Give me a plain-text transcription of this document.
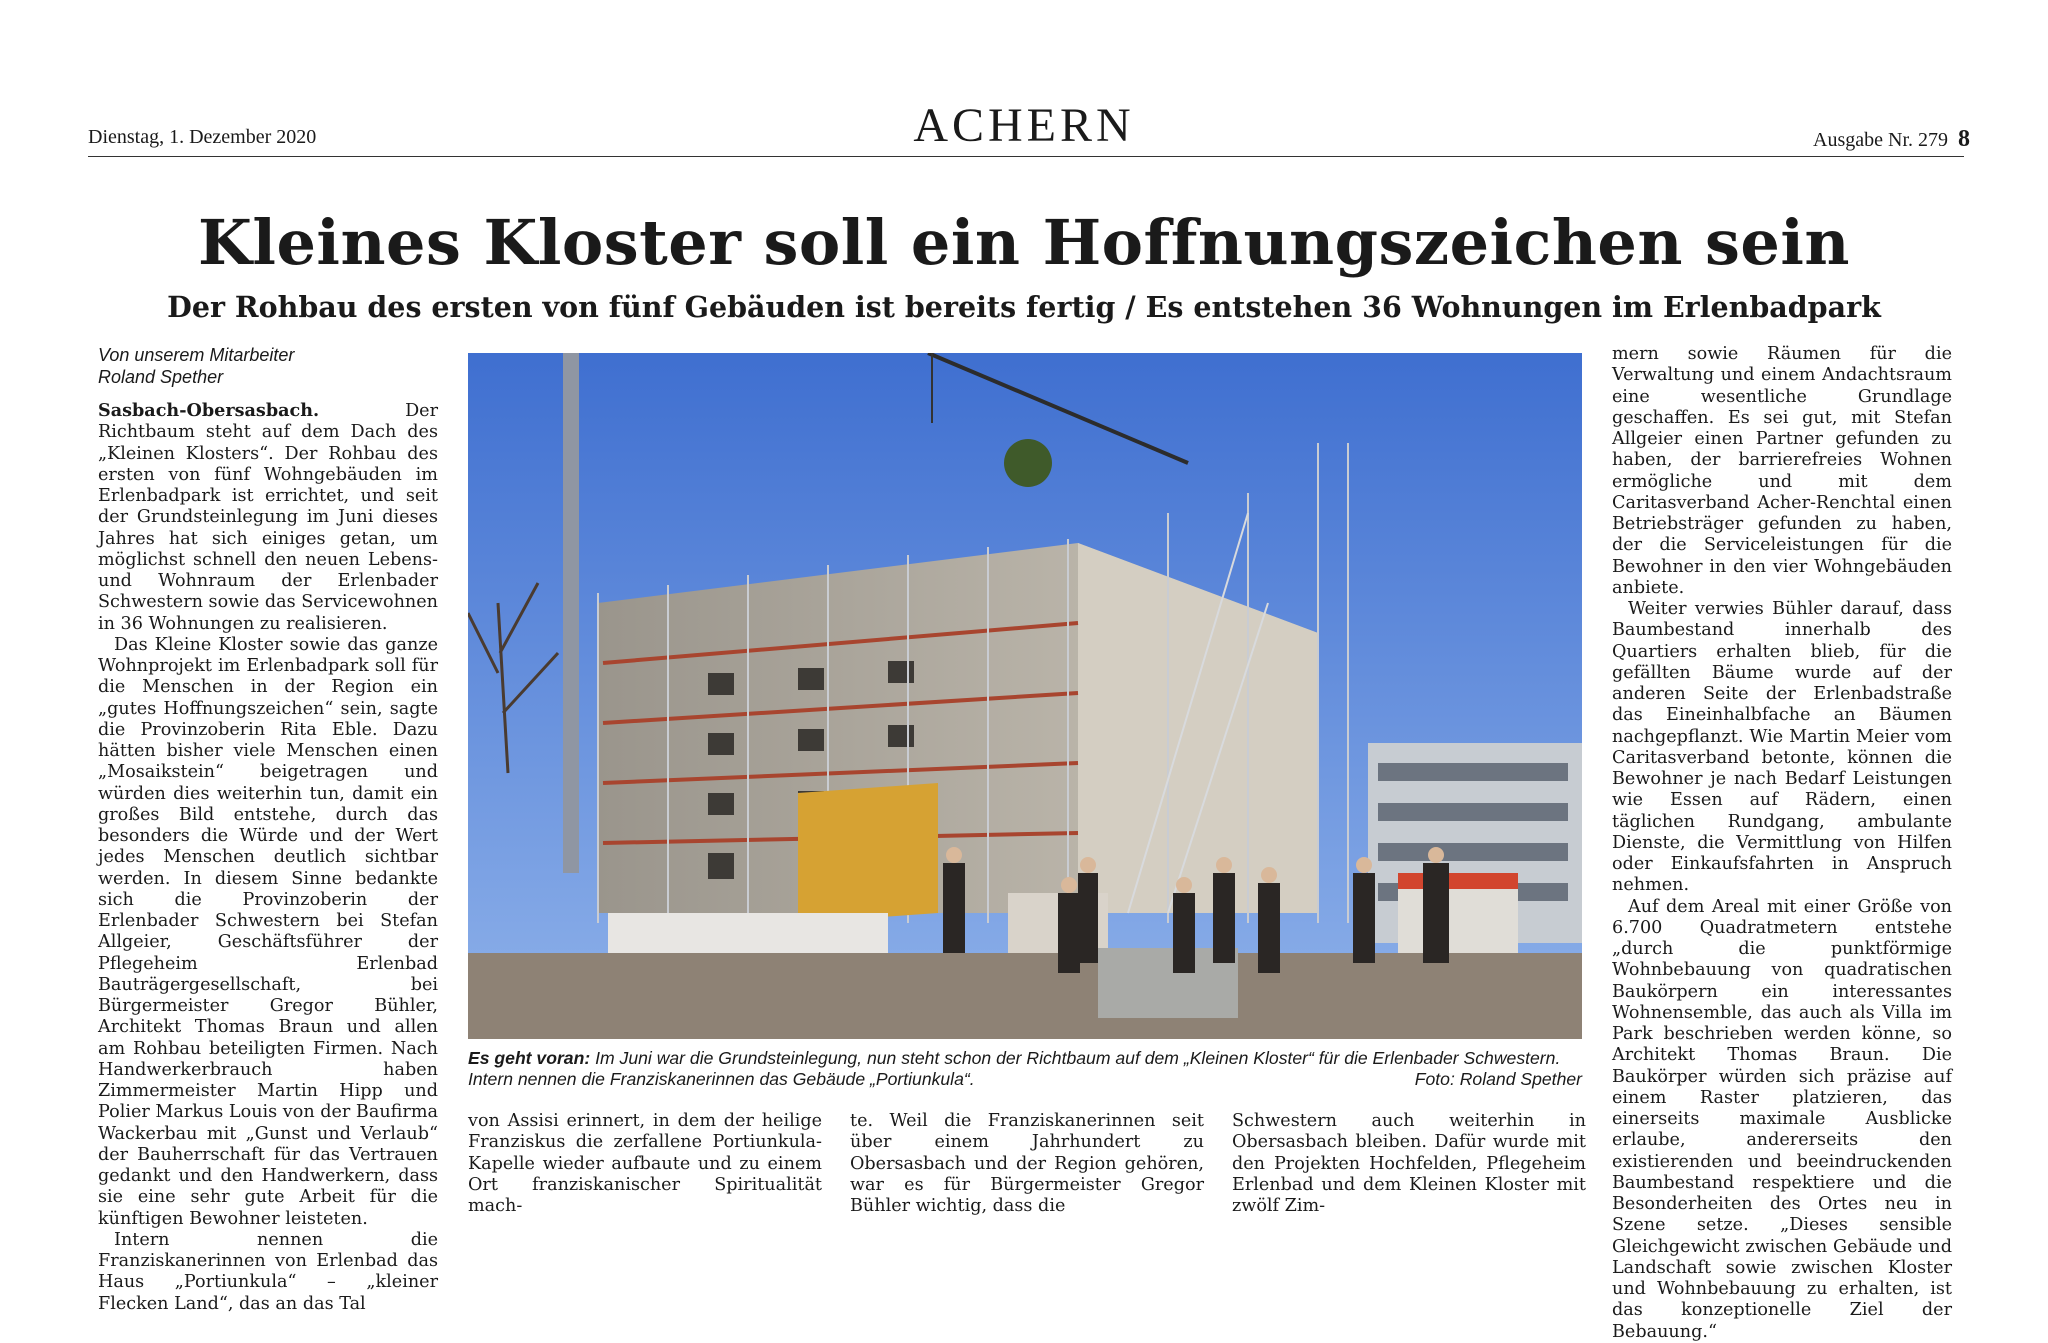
Dienstag, 1. Dezember 2020	ACHERN	Ausgabe Nr. 279 8
Kleines Kloster soll ein Hoffnungszeichen sein
Der Rohbau des ersten von fünf Gebäuden ist bereits fertig / Es entstehen 36 Wohnungen im Erlenbadpark
Von unserem Mitarbeiter
Roland Spether

Sasbach-Obersasbach.	Der Richtbaum steht auf dem Dach des „Kleinen Klosters“. Der Rohbau des ersten von fünf Wohngebäuden im Erlenbadpark ist errichtet, und seit der Grundsteinlegung im Juni dieses Jahres hat sich einiges getan, um möglichst schnell den neuen Lebens- und Wohnraum der Erlenbader Schwestern sowie das Servicewohnen in 36 Wohnungen zu realisieren.

Das Kleine Kloster sowie das ganze Wohnprojekt im Erlenbadpark soll für die Menschen in der Region ein „gutes Hoffnungszeichen“ sein, sagte die Provinzoberin Rita Eble. Dazu hätten bisher viele Menschen einen „Mosaikstein“ beigetragen und würden dies weiterhin tun, damit ein großes Bild entstehe, durch das besonders die Würde und der Wert jedes Menschen deutlich sichtbar werden. In diesem Sinne bedankte sich die Provinzoberin der Erlenbader Schwestern bei Stefan Allgeier, Geschäftsführer der Pflegeheim Erlenbad Bauträgergesellschaft, bei Bürgermeister Gregor Bühler, Architekt Thomas Braun und allen am Rohbau beteiligten Firmen. Nach Handwerkerbrauch haben Zimmermeister Martin Hipp und Polier Markus Louis von der Baufirma Wackerbau mit „Gunst und Verlaub“ der Bauherrschaft für das Vertrauen gedankt und den Handwerkern, dass sie eine sehr gute Arbeit für die künftigen Bewohner leisteten.

Intern nennen die Franziskanerinnen von Erlenbad das Haus „Portiunkula“ – „kleiner Flecken Land“, das an das Tal

Es geht voran: Im Juni war die Grundsteinlegung, nun steht schon der Richtbaum auf dem „Kleinen Kloster“ für die Erlenbader Schwestern. Intern nennen die Franziskanerinnen das Gebäude „Portiunkula“.	Foto: Roland Spether

von Assisi erinnert, in dem der heilige Franziskus die zerfallene Portiunkula-Kapelle wieder aufbaute und zu einem Ort franziskanischer Spiritualität mach-

te. Weil die Franziskanerinnen seit über einem Jahrhundert zu Obersasbach und der Region gehören, war es für Bürgermeister Gregor Bühler wichtig, dass die

Schwestern auch weiterhin in Obersasbach bleiben. Dafür wurde mit den Projekten Hochfelden, Pflegeheim Erlenbad und dem Kleinen Kloster mit zwölf Zim-

mern sowie Räumen für die Verwaltung und einem Andachtsraum eine wesentliche Grundlage geschaffen. Es sei gut, mit Stefan Allgeier einen Partner gefunden zu haben, der barrierefreies Wohnen ermögliche und mit dem Caritasverband Acher-Renchtal einen Betriebsträger gefunden zu haben, der die Serviceleistungen für die Bewohner in den vier Wohngebäuden anbiete.

Weiter verwies Bühler darauf, dass Baumbestand innerhalb des Quartiers erhalten blieb, für die gefällten Bäume wurde auf der anderen Seite der Erlenbadstraße das Eineinhalbfache an Bäumen nachgepflanzt. Wie Martin Meier vom Caritasverband betonte, können die Bewohner je nach Bedarf Leistungen wie Essen auf Rädern, einen täglichen Rundgang, ambulante Dienste, die Vermittlung von Hilfen oder Einkaufsfahrten in Anspruch nehmen.

Auf dem Areal mit einer Größe von 6.700 Quadratmetern entstehe „durch die punktförmige Wohnbebauung von quadratischen Baukörpern ein interessantes Wohnensemble, das auch als Villa im Park beschrieben werden könne, so Architekt Thomas Braun. Die Baukörper würden sich präzise auf einem Raster platzieren, das einerseits maximale Ausblicke erlaube, andererseits den existierenden und beeindruckenden Baumbestand respektiere und die Besonderheiten des Ortes neu in Szene setze. „Dieses sensible Gleichgewicht zwischen Gebäude und Landschaft sowie zwischen Kloster und Wohnbebauung zu erhalten, ist das konzeptionelle Ziel der Bebauung.“
